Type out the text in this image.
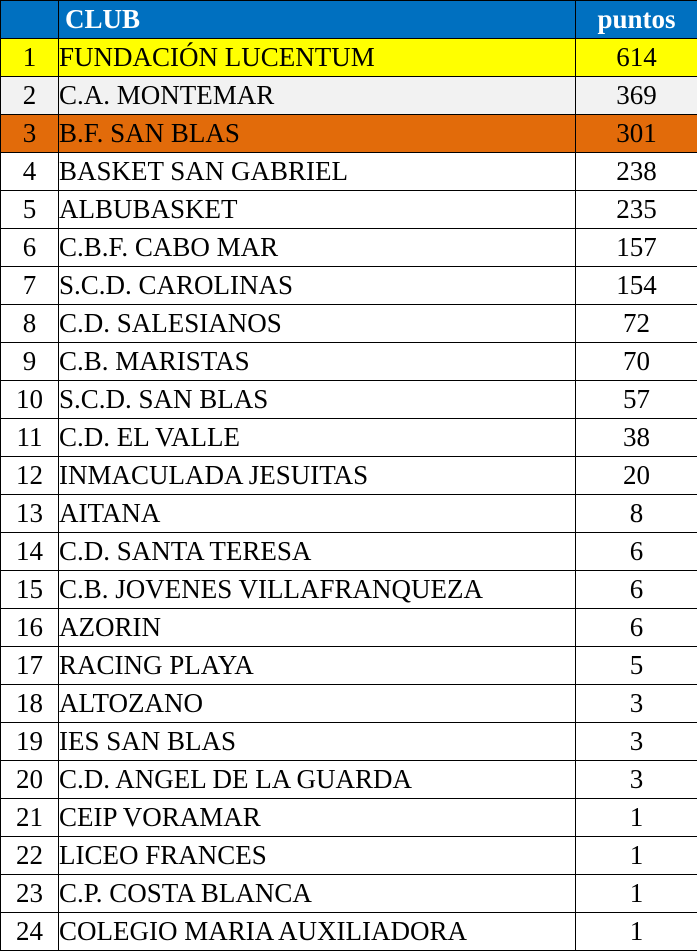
	CLUB	puntos
1	FUNDACIÓN LUCENTUM	614
2	C.A. MONTEMAR	369
3	B.F. SAN BLAS	301
4	BASKET SAN GABRIEL	238
5	ALBUBASKET	235
6	C.B.F. CABO MAR	157
7	S.C.D. CAROLINAS	154
8	C.D. SALESIANOS	72
9	C.B. MARISTAS	70
10	S.C.D. SAN BLAS	57
11	C.D. EL VALLE	38
12	INMACULADA JESUITAS	20
13	AITANA	8
14	C.D. SANTA TERESA	6
15	C.B. JOVENES VILLAFRANQUEZA	6
16	AZORIN	6
17	RACING PLAYA	5
18	ALTOZANO	3
19	IES SAN BLAS	3
20	C.D. ANGEL DE LA GUARDA	3
21	CEIP VORAMAR	1
22	LICEO FRANCES	1
23	C.P. COSTA BLANCA	1
24	COLEGIO MARIA AUXILIADORA	1
